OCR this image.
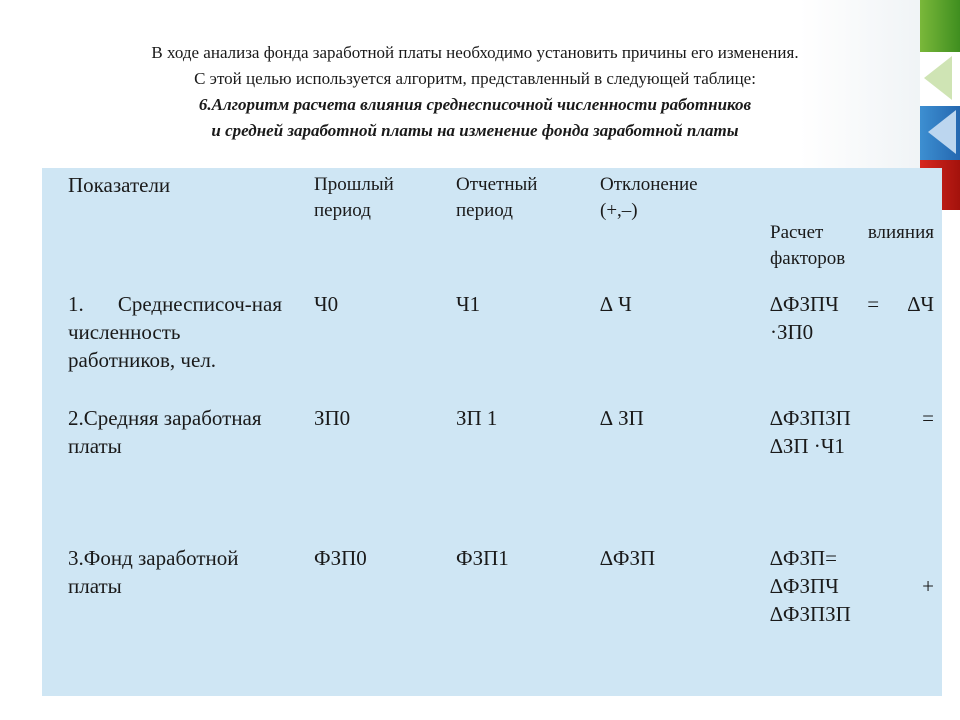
В ходе анализа фонда заработной платы необходимо установить причины его изменения.
С этой целью используется алгоритм, представленный в следующей таблице:
6.Алгоритм расчета влияния среднесписочной численности работников
и средней заработной платы на изменение фонда заработной платы
Показатели	Прошлый период	Отчетный период	Отклонение (+,–)	Расчет влияния факторов

1. Среднесписоч-ная численность работников, чел.	Ч0	Ч1	∆ Ч	∆ФЗПЧ = ∆Ч
·ЗП0

2.Средняя заработная платы	ЗП0	ЗП 1	∆ ЗП	∆ФЗПЗП =
∆ЗП ·Ч1

3.Фонд заработной платы	ФЗП0	ФЗП1	∆ФЗП	∆ФЗП=
∆ФЗПЧ +
∆ФЗПЗП
